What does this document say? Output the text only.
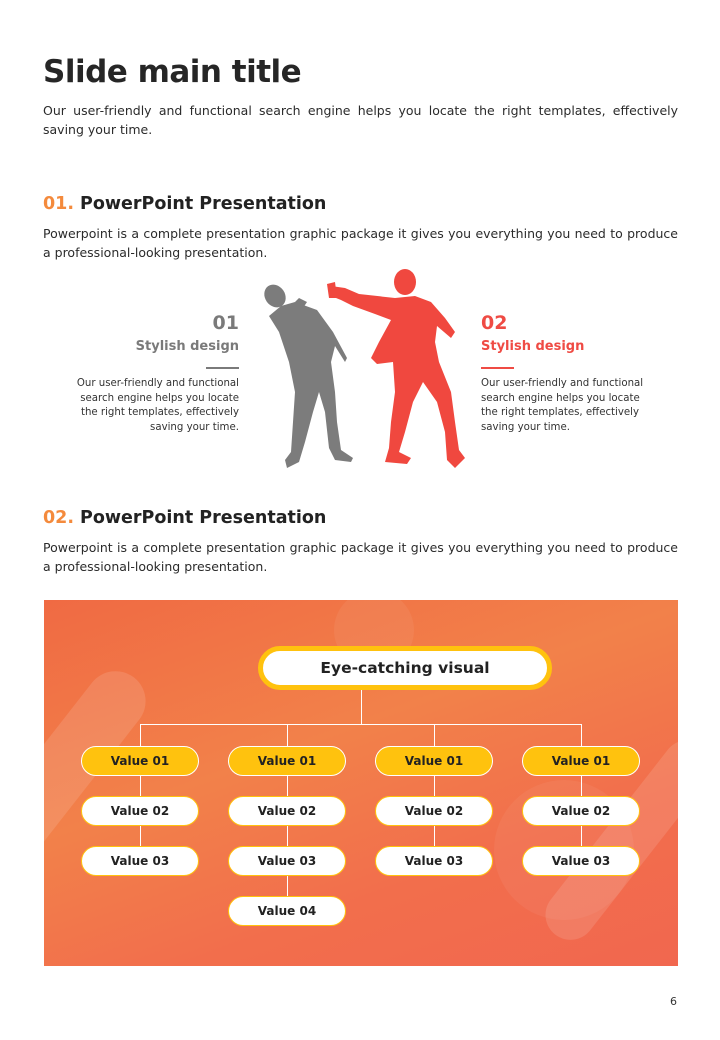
Slide main title

Our user-friendly and functional search engine helps you locate the right templates, effectively saving your time.

01. PowerPoint Presentation

Powerpoint is a complete presentation graphic package it gives you everything you need to produce a professional-looking presentation.

01
Stylish design
Our user-friendly and functional search engine helps you locate the right templates, effectively saving your time.
02
Stylish design
Our user-friendly and functional search engine helps you locate the right templates, effectively saving your time.
02. PowerPoint Presentation

Powerpoint is a complete presentation graphic package it gives you everything you need to produce a professional-looking presentation.

Eye-catching visual
Value 01
Value 02
Value 03
Value 01
Value 02
Value 03
Value 04
Value 01
Value 02
Value 03
Value 01
Value 02
Value 03
6
